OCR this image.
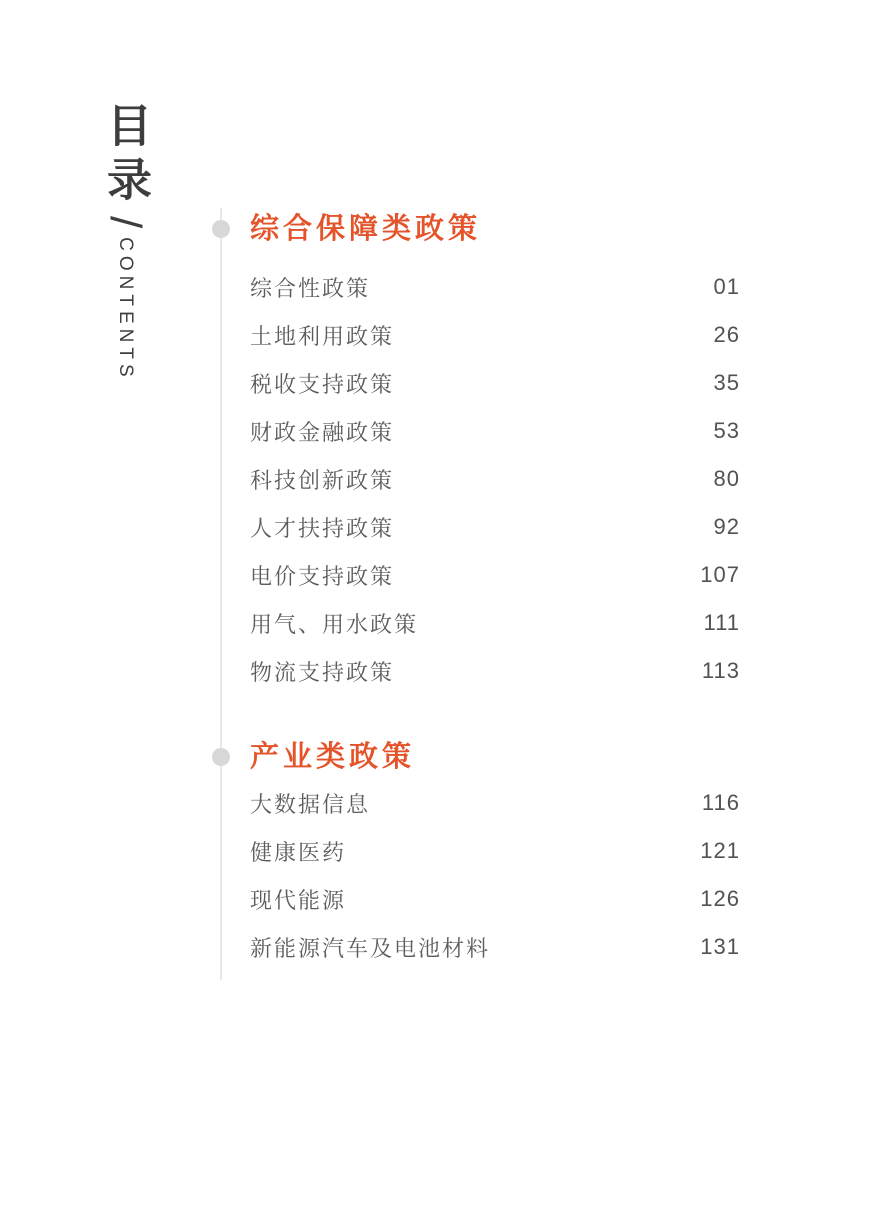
目录 / CONTENTS
综合保障类政策
综合性政策	01
土地利用政策	26
税收支持政策	35
财政金融政策	53
科技创新政策	80
人才扶持政策	92
电价支持政策	107
用气、用水政策	111
物流支持政策	113
产业类政策
大数据信息	116
健康医药	121
现代能源	126
新能源汽车及电池材料	131
